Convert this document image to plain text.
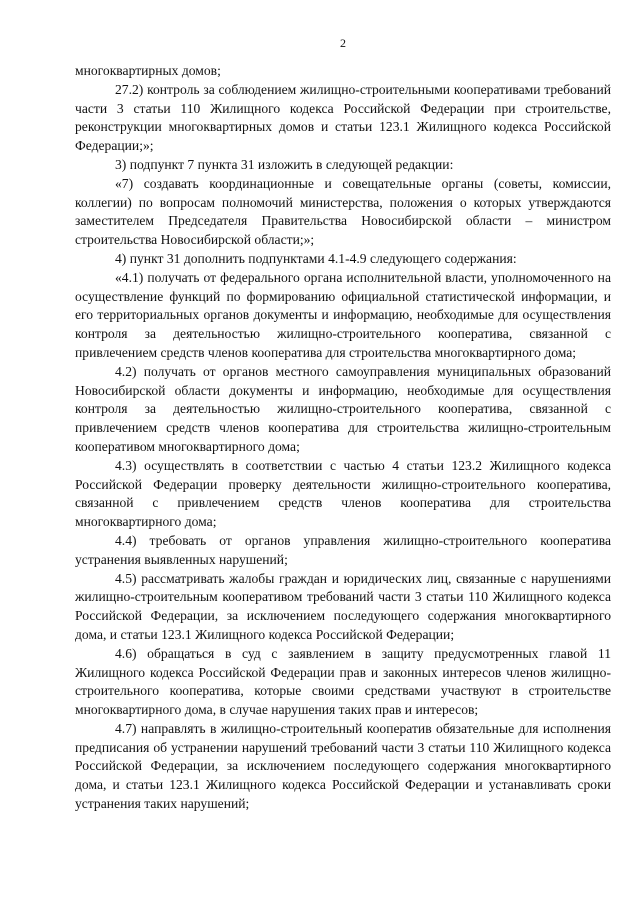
2

многоквартирных домов;

27.2) контроль за соблюдением жилищно-строительными кооперативами требований части 3 статьи 110 Жилищного кодекса Российской Федерации при строительстве, реконструкции многоквартирных домов и статьи 123.1 Жилищного кодекса Российской Федерации;»;

3) подпункт 7 пункта 31 изложить в следующей редакции:

«7) создавать координационные и совещательные органы (советы, комиссии, коллегии) по вопросам полномочий министерства, положения о которых утверждаются заместителем Председателя Правительства Новосибирской области – министром строительства Новосибирской области;»;

4) пункт 31 дополнить подпунктами 4.1-4.9 следующего содержания:

«4.1) получать от федерального органа исполнительной власти, уполномоченного на осуществление функций по формированию официальной статистической информации, и его территориальных органов документы и информацию, необходимые для осуществления контроля за деятельностью жилищно-строительного кооператива, связанной с привлечением средств членов кооператива для строительства многоквартирного дома;

4.2) получать от органов местного самоуправления муниципальных образований Новосибирской области документы и информацию, необходимые для осуществления контроля за деятельностью жилищно-строительного кооператива, связанной с привлечением средств членов кооператива для строительства жилищно-строительным кооперативом многоквартирного дома;

4.3) осуществлять в соответствии с частью 4 статьи 123.2 Жилищного кодекса Российской Федерации проверку деятельности жилищно-строительного кооператива, связанной с привлечением средств членов кооператива для строительства многоквартирного дома;

4.4) требовать от органов управления жилищно-строительного кооператива устранения выявленных нарушений;

4.5) рассматривать жалобы граждан и юридических лиц, связанные с нарушениями жилищно-строительным кооперативом требований части 3 статьи 110 Жилищного кодекса Российской Федерации, за исключением последующего содержания многоквартирного дома, и статьи 123.1 Жилищного кодекса Российской Федерации;

4.6) обращаться в суд с заявлением в защиту предусмотренных главой 11 Жилищного кодекса Российской Федерации прав и законных интересов членов жилищно-строительного кооператива, которые своими средствами участвуют в строительстве многоквартирного дома, в случае нарушения таких прав и интересов;

4.7) направлять в жилищно-строительный кооператив обязательные для исполнения предписания об устранении нарушений требований части 3 статьи 110 Жилищного кодекса Российской Федерации, за исключением последующего содержания многоквартирного дома, и статьи 123.1 Жилищного кодекса Российской Федерации и устанавливать сроки устранения таких нарушений;
